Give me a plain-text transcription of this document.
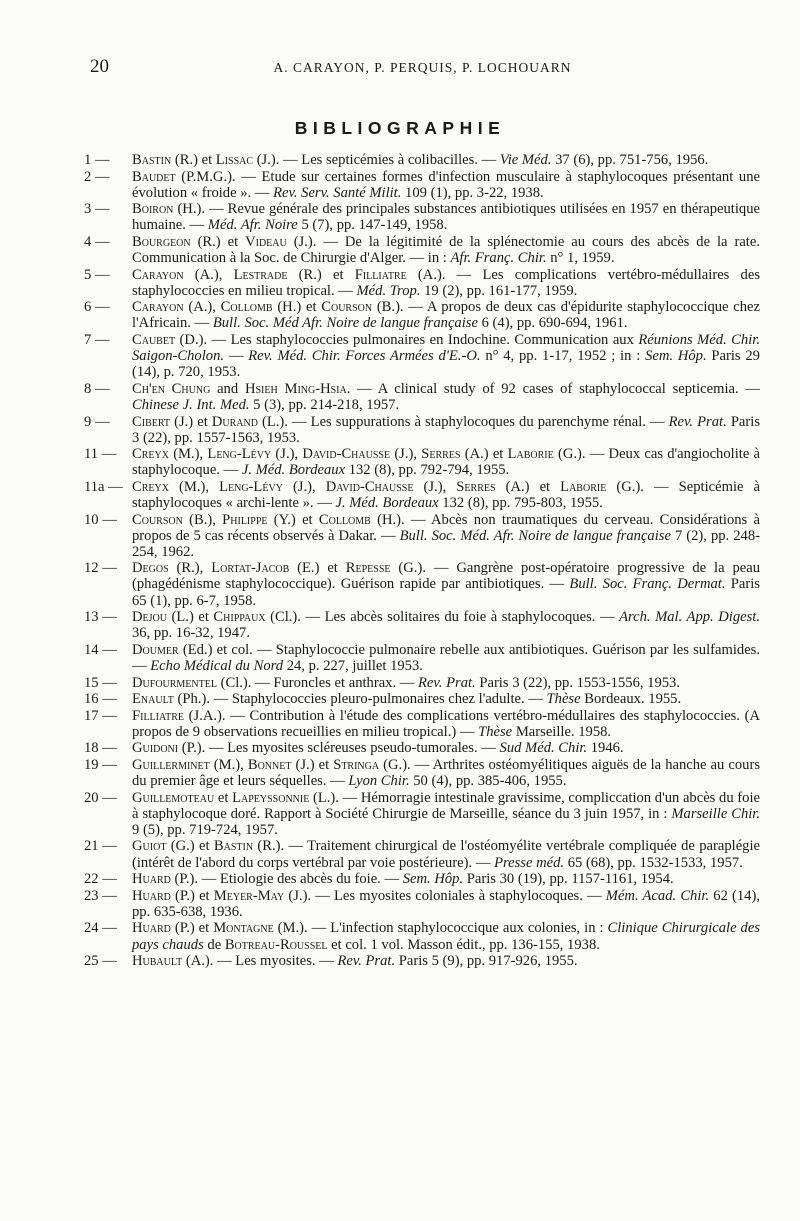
20	A. CARAYON, P. PERQUIS, P. LOCHOUARN
BIBLIOGRAPHIE
1 —	Bastin (R.) et Lissac (J.). — Les septicémies à colibacilles. — Vie Méd. 37 (6), pp. 751-756, 1956.
2 —	Baudet (P.M.G.). — Etude sur certaines formes d'infection musculaire à staphylocoques présentant une évolution « froide ». — Rev. Serv. Santé Milit. 109 (1), pp. 3-22, 1938.
3 —	Boiron (H.). — Revue générale des principales substances antibiotiques utilisées en 1957 en thérapeutique humaine. — Méd. Afr. Noire 5 (7), pp. 147-149, 1958.
4 —	Bourgeon (R.) et Videau (J.). — De la légitimité de la splénectomie au cours des abcès de la rate. Communication à la Soc. de Chirurgie d'Alger. — in : Afr. Franç. Chir. n° 1, 1959.
5 —	Carayon (A.), Lestrade (R.) et Filliatre (A.). — Les complications vertébro-médullaires des staphylococcies en milieu tropical. — Méd. Trop. 19 (2), pp. 161-177, 1959.
6 —	Carayon (A.), Collomb (H.) et Courson (B.). — A propos de deux cas d'épidurite staphylococcique chez l'Africain. — Bull. Soc. Méd Afr. Noire de langue française 6 (4), pp. 690-694, 1961.
7 —	Caubet (D.). — Les staphylococcies pulmonaires en Indochine. Communication aux Réunions Méd. Chir. Saigon-Cholon. — Rev. Méd. Chir. Forces Armées d'E.-O. n° 4, pp. 1-17, 1952 ; in : Sem. Hôp. Paris 29 (14), p. 720, 1953.
8 —	Ch'en Chung and Hsieh Ming-Hsia. — A clinical study of 92 cases of staphylococcal septicemia. — Chinese J. Int. Med. 5 (3), pp. 214-218, 1957.
9 —	Cibert (J.) et Durand (L.). — Les suppurations à staphylocoques du parenchyme rénal. — Rev. Prat. Paris 3 (22), pp. 1557-1563, 1953.
11 —	Creyx (M.), Leng-Lévy (J.), David-Chausse (J.), Serres (A.) et Laborie (G.). — Deux cas d'angiocholite à staphylocoque. — J. Méd. Bordeaux 132 (8), pp. 792-794, 1955.
11a — Creyx (M.), Leng-Lévy (J.), David-Chausse (J.), Serres (A.) et Laborie (G.). — Septicémie à staphylocoques « archi-lente ». — J. Méd. Bordeaux 132 (8), pp. 795-803, 1955.
10 —	Courson (B.), Philippe (Y.) et Collomb (H.). — Abcès non traumatiques du cerveau. Considérations à propos de 5 cas récents observés à Dakar. — Bull. Soc. Méd. Afr. Noire de langue française 7 (2), pp. 248-254, 1962.
12 —	Degos (R.), Lortat-Jacob (E.) et Repesse (G.). — Gangrène post-opératoire progressive de la peau (phagédénisme staphylococcique). Guérison rapide par antibiotiques. — Bull. Soc. Franç. Dermat. Paris 65 (1), pp. 6-7, 1958.
13 —	Dejou (L.) et Chippaux (Cl.). — Les abcès solitaires du foie à staphylocoques. — Arch. Mal. App. Digest. 36, pp. 16-32, 1947.
14 —	Doumer (Ed.) et col. — Staphylococcie pulmonaire rebelle aux antibiotiques. Guérison par les sulfamides. — Echo Médical du Nord 24, p. 227, juillet 1953.
15 —	Dufourmentel (Cl.). — Furoncles et anthrax. — Rev. Prat. Paris 3 (22), pp. 1553-1556, 1953.
16 —	Enault (Ph.). — Staphylococcies pleuro-pulmonaires chez l'adulte. — Thèse Bordeaux. 1955.
17 —	Filliatre (J.A.). — Contribution à l'étude des complications vertébro-médullaires des staphylococcies. (A propos de 9 observations recueillies en milieu tropical.) — Thèse Marseille. 1958.
18 —	Guidoni (P.). — Les myosites scléreuses pseudo-tumorales. — Sud Méd. Chir. 1946.
19 —	Guillerminet (M.), Bonnet (J.) et Stringa (G.). — Arthrites ostéomyélitiques aiguës de la hanche au cours du premier âge et leurs séquelles. — Lyon Chir. 50 (4), pp. 385-406, 1955.
20 —	Guillemoteau et Lapeyssonnie (L.). — Hémorragie intestinale gravissime, compliccation d'un abcès du foie à staphylocoque doré. Rapport à Société Chirurgie de Marseille, séance du 3 juin 1957, in : Marseille Chir. 9 (5), pp. 719-724, 1957.
21 —	Guiot (G.) et Bastin (R.). — Traitement chirurgical de l'ostéomyélite vertébrale compliquée de paraplégie (intérêt de l'abord du corps vertébral par voie postérieure). — Presse méd. 65 (68), pp. 1532-1533, 1957.
22 —	Huard (P.). — Etiologie des abcès du foie. — Sem. Hôp. Paris 30 (19), pp. 1157-1161, 1954.
23 —	Huard (P.) et Meyer-May (J.). — Les myosites coloniales à staphylocoques. — Mém. Acad. Chir. 62 (14), pp. 635-638, 1936.
24 —	Huard (P.) et Montagne (M.). — L'infection staphylococcique aux colonies, in : Clinique Chirurgicale des pays chauds de Botreau-Roussel et col. 1 vol. Masson édit., pp. 136-155, 1938.
25 —	Hubault (A.). — Les myosites. — Rev. Prat. Paris 5 (9), pp. 917-926, 1955.
